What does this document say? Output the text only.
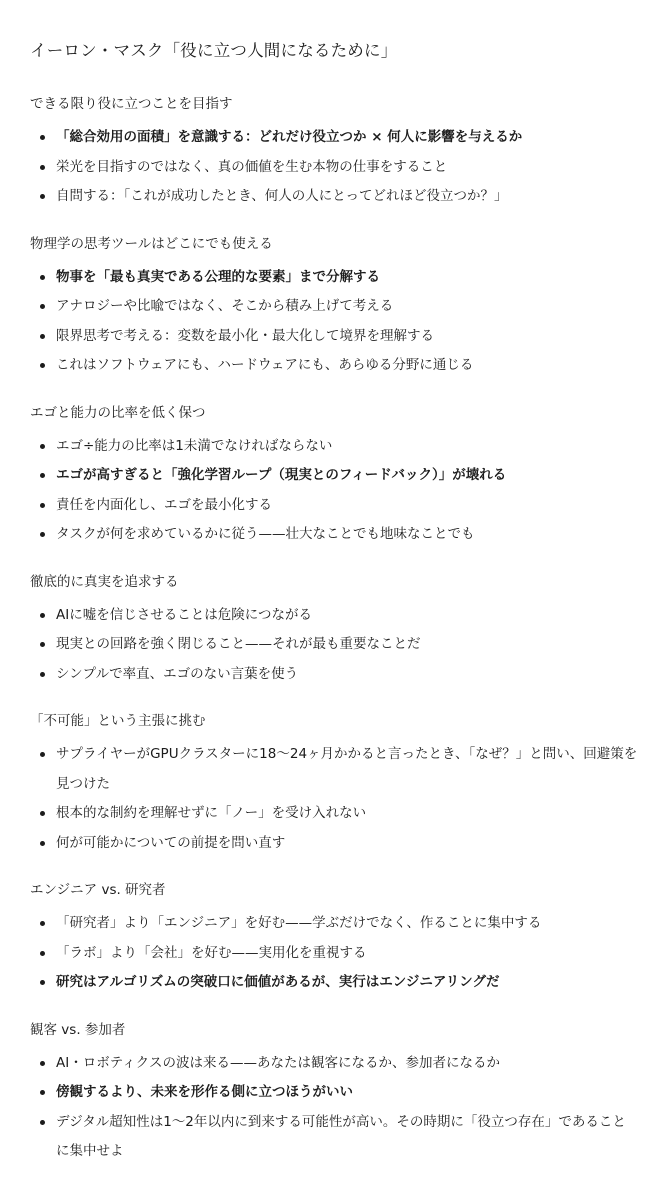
イーロン・マスク「役に立つ人間になるために」
できる限り役に立つことを目指す
「総合効用の面積」を意識する：どれだけ役立つか × 何人に影響を与えるか
栄光を目指すのではなく、真の価値を生む本物の仕事をすること
自問する：「これが成功したとき、何人の人にとってどれほど役立つか？」
物理学の思考ツールはどこにでも使える
物事を「最も真実である公理的な要素」まで分解する
アナロジーや比喩ではなく、そこから積み上げて考える
限界思考で考える：変数を最小化・最大化して境界を理解する
これはソフトウェアにも、ハードウェアにも、あらゆる分野に通じる
エゴと能力の比率を低く保つ
エゴ÷能力の比率は1未満でなければならない
エゴが高すぎると「強化学習ループ（現実とのフィードバック）」が壊れる
責任を内面化し、エゴを最小化する
タスクが何を求めているかに従う——壮大なことでも地味なことでも
徹底的に真実を追求する
AIに嘘を信じさせることは危険につながる
現実との回路を強く閉じること——それが最も重要なことだ
シンプルで率直、エゴのない言葉を使う
「不可能」という主張に挑む
サプライヤーがGPUクラスターに18〜24ヶ月かかると言ったとき、「なぜ？」と問い、回避策を見つけた
根本的な制約を理解せずに「ノー」を受け入れない
何が可能かについての前提を問い直す
エンジニア vs. 研究者
「研究者」より「エンジニア」を好む——学ぶだけでなく、作ることに集中する
「ラボ」より「会社」を好む——実用化を重視する
研究はアルゴリズムの突破口に価値があるが、実行はエンジニアリングだ
観客 vs. 参加者
AI・ロボティクスの波は来る——あなたは観客になるか、参加者になるか
傍観するより、未来を形作る側に立つほうがいい
デジタル超知性は1〜2年以内に到来する可能性が高い。その時期に「役立つ存在」であることに集中せよ
